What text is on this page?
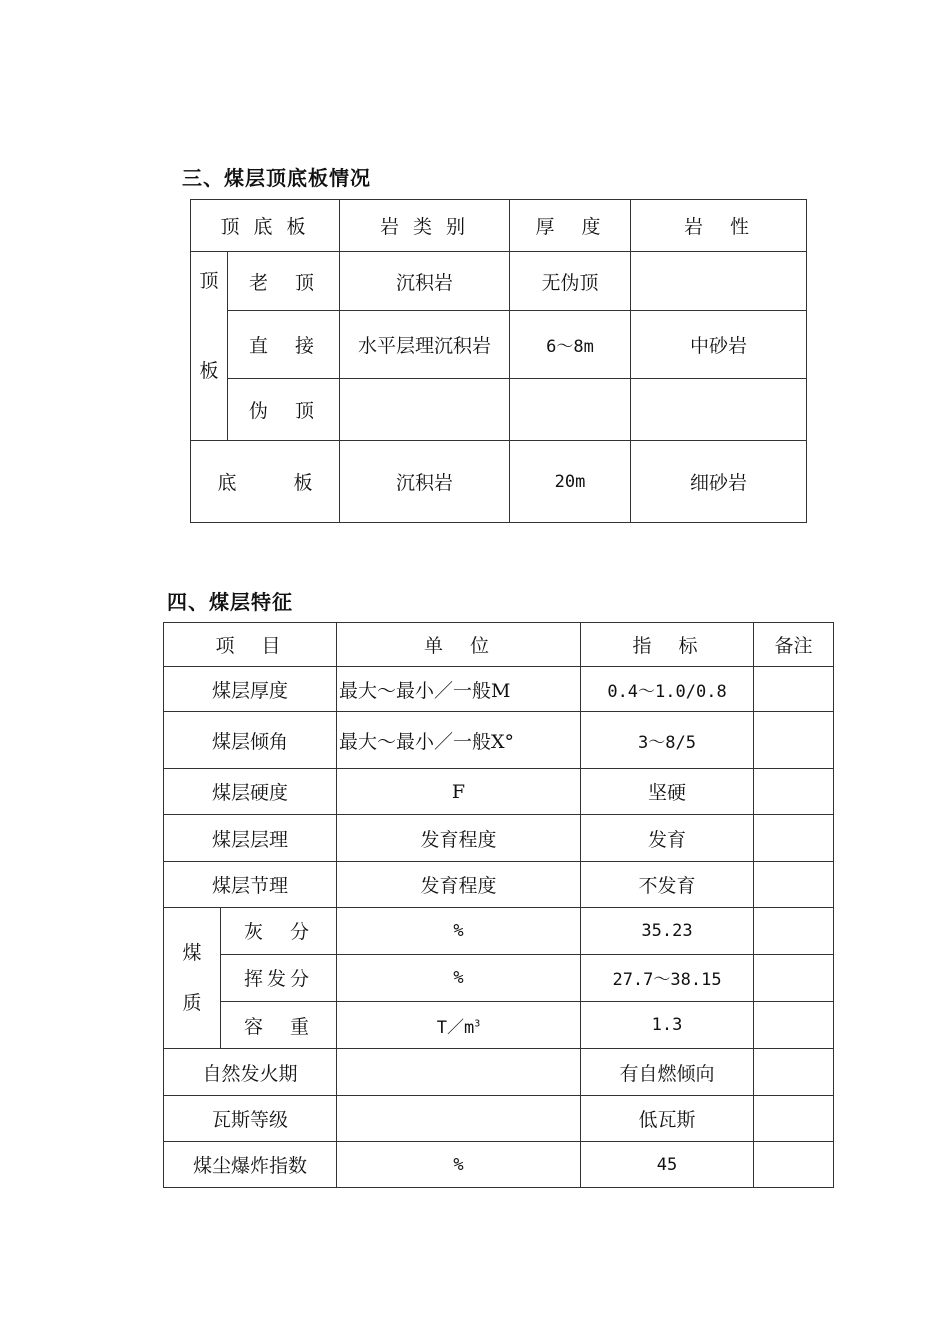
三、煤层顶底板情况
顶 底 板		岩 类 别	厚　度	岩　性

顶
板	老　顶	沉积岩	无伪顶	
	直　接	水平层理沉积岩	6～8m	中砂岩
	伪　顶			
底　　　板		沉积岩	20m	细砂岩
四、煤层特征
项　目		单　位	指　标	备注
煤层厚度		最大～最小／一般M	0.4～1.0/0.8	
煤层倾角		最大～最小／一般X°	3～8/5	
煤层硬度		F	坚硬	
煤层层理		发育程度	发育	
煤层节理		发育程度	不发育	

煤
质	灰　分	%	35.23	
	挥发分	%	27.7～38.15	
	容　重	$T/m^3$	1.3	
自然发火期			有自燃倾向	
瓦斯等级			低瓦斯	
煤尘爆炸指数		%	45	
